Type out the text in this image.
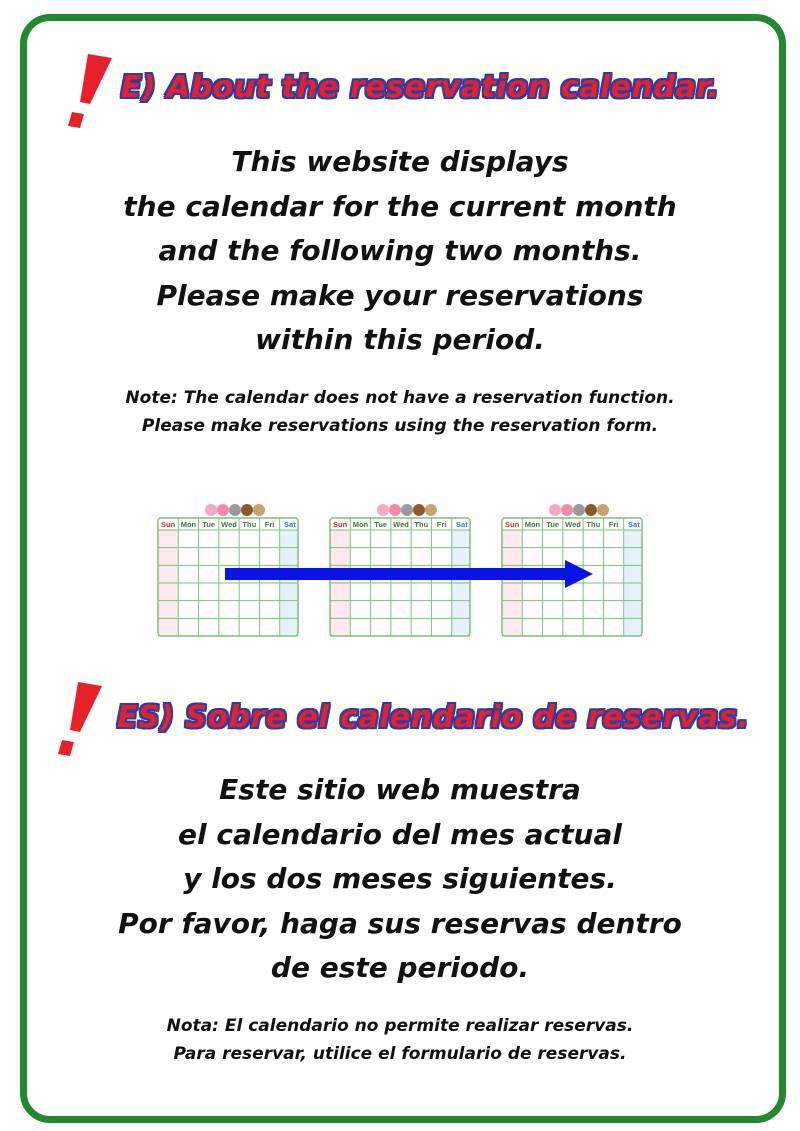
E) About the reservation calendar.
This website displays
the calendar for the current month
and the following two months.
Please make your reservations
within this period.
Note: The calendar does not have a reservation function.
Please make reservations using the reservation form.
Sun Mon Tue Wed Thu Fri Sat	Sun Mon Tue Wed Thu Fri Sat	Sun Mon Tue Wed Thu Fri Sat
ES) Sobre el calendario de reservas.
Este sitio web muestra
el calendario del mes actual
y los dos meses siguientes.
Por favor, haga sus reservas dentro
de este periodo.
Nota: El calendario no permite realizar reservas.
Para reservar, utilice el formulario de reservas.
